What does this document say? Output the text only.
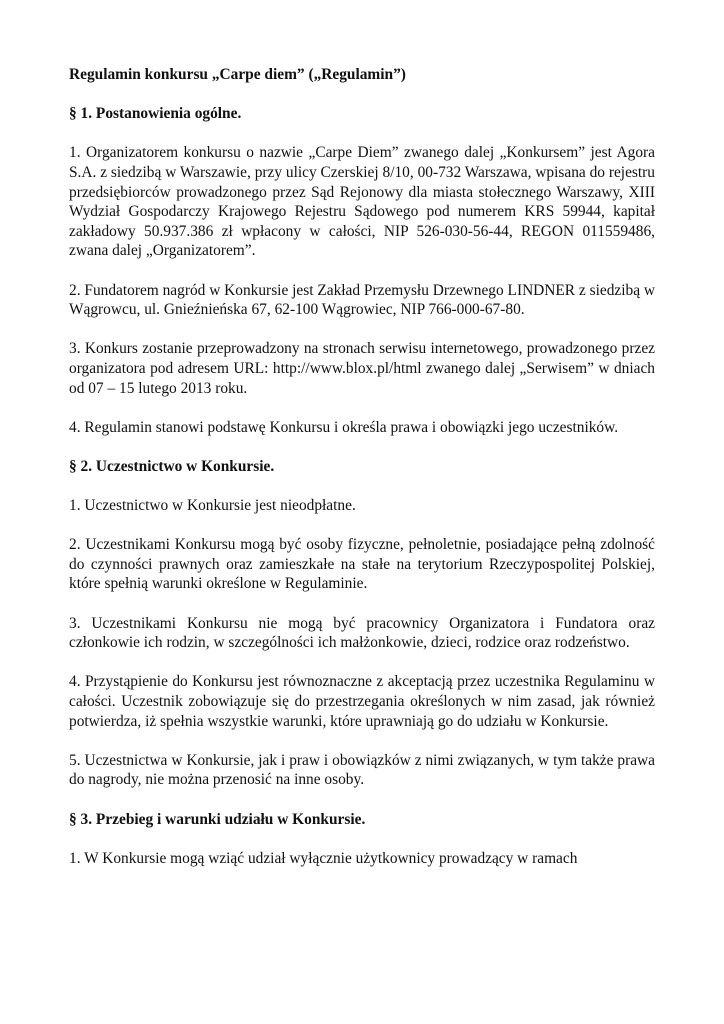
Regulamin konkursu „Carpe diem” („Regulamin”)

§ 1. Postanowienia ogólne.

1. Organizatorem konkursu o nazwie „Carpe Diem” zwanego dalej „Konkursem” jest Agora S.A. z siedzibą w Warszawie, przy ulicy Czerskiej 8/10, 00-732 Warszawa, wpisana do rejestru przedsiębiorców prowadzonego przez Sąd Rejonowy dla miasta stołecznego Warszawy, XIII Wydział Gospodarczy Krajowego Rejestru Sądowego pod numerem KRS 59944, kapitał zakładowy 50.937.386 zł wpłacony w całości, NIP 526-030-56-44, REGON 011559486, zwana dalej „Organizatorem”.

2. Fundatorem nagród w Konkursie jest Zakład Przemysłu Drzewnego LINDNER z siedzibą w Wągrowcu, ul. Gnieźnieńska 67, 62-100 Wągrowiec, NIP 766-000-67-80.

3. Konkurs zostanie przeprowadzony na stronach serwisu internetowego, prowadzonego przez organizatora pod adresem URL: http://www.blox.pl/html zwanego dalej „Serwisem” w dniach od 07 – 15 lutego 2013 roku.

4. Regulamin stanowi podstawę Konkursu i określa prawa i obowiązki jego uczestników.

§ 2. Uczestnictwo w Konkursie.

1. Uczestnictwo w Konkursie jest nieodpłatne.

2. Uczestnikami Konkursu mogą być osoby fizyczne, pełnoletnie, posiadające pełną zdolność do czynności prawnych oraz zamieszkałe na stałe na terytorium Rzeczypospolitej Polskiej, które spełnią warunki określone w Regulaminie.

3. Uczestnikami Konkursu nie mogą być pracownicy Organizatora i Fundatora oraz członkowie ich rodzin, w szczególności ich małżonkowie, dzieci, rodzice oraz rodzeństwo.

4. Przystąpienie do Konkursu jest równoznaczne z akceptacją przez uczestnika Regulaminu w całości. Uczestnik zobowiązuje się do przestrzegania określonych w nim zasad, jak również potwierdza, iż spełnia wszystkie warunki, które uprawniają go do udziału w Konkursie.

5. Uczestnictwa w Konkursie, jak i praw i obowiązków z nimi związanych, w tym także prawa do nagrody, nie można przenosić na inne osoby.

§ 3. Przebieg i warunki udziału w Konkursie.

1. W Konkursie mogą wziąć udział wyłącznie użytkownicy prowadzący w ramach
